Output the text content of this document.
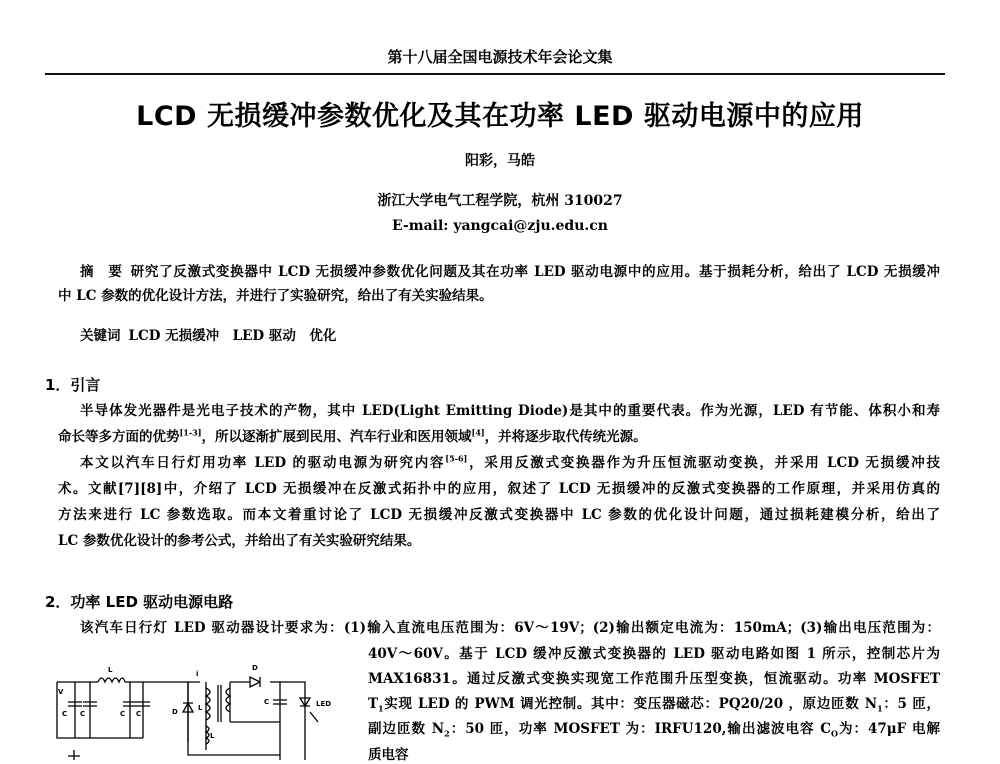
第十八届全国电源技术年会论文集
LCD 无损缓冲参数优化及其在功率 LED 驱动电源中的应用
阳彩，马皓
浙江大学电气工程学院，杭州 310027
E-mail: yangcai@zju.edu.cn
摘　要 研究了反激式变换器中 LCD 无损缓冲参数优化问题及其在功率 LED 驱动电源中的应用。基于损耗分析，给出了 LCD 无损缓冲
中 LC 参数的优化设计方法，并进行了实验研究，给出了有关实验结果。
关键词 LCD 无损缓冲　LED 驱动　优化
1．引言
半导体发光器件是光电子技术的产物，其中 LED(Light Emitting Diode)是其中的重要代表。作为光源，LED 有节能、体积小和寿
命长等多方面的优势[1-3]，所以逐渐扩展到民用、汽车行业和医用领域[4]，并将逐步取代传统光源。
本文以汽车日行灯用功率 LED 的驱动电源为研究内容[5-6]，采用反激式变换器作为升压恒流驱动变换，并采用 LCD 无损缓冲技
术。文献[7][8]中，介绍了 LCD 无损缓冲在反激式拓扑中的应用，叙述了 LCD 无损缓冲的反激式变换器的工作原理，并采用仿真的
方法来进行 LC 参数选取。而本文着重讨论了 LCD 无损缓冲反激式变换器中 LC 参数的优化设计问题，通过损耗建模分析，给出了
LC 参数优化设计的参考公式，并给出了有关实验研究结果。
2．功率 LED 驱动电源电路
该汽车日行灯 LED 驱动器设计要求为：(1)输入直流电压范围为：6V～19V；(2)输出额定电流为：150mA；(3)输出电压范围为：
40V～60V。基于 LCD 缓冲反激式变换器的 LED 驱动电路如图 1 所示，控制芯片为
MAX16831。通过反激式变换实现宽工作范围升压型变换，恒流驱动。功率 MOSFET
$T_1$实现 LED 的 PWM 调光控制。其中：变压器磁芯：PQ20/20 ，原边匝数 $N_1$：5 匝，
副边匝数 $N_2$：50 匝，功率 MOSFET 为：IRFU120,输出滤波电容 $C_O$为：47μF 电解
质电容
V
C C
L
C C
i
D	L
L
D
C	LED
